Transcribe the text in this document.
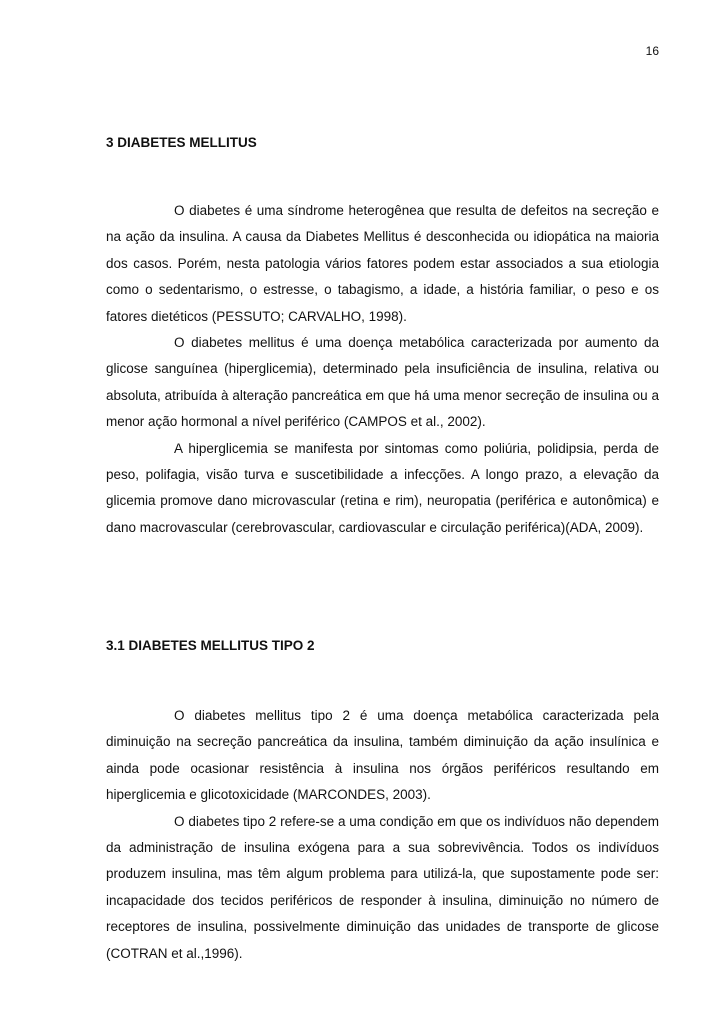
16
3 DIABETES MELLITUS

O diabetes é uma síndrome heterogênea que resulta de defeitos na secreção e na ação da insulina. A causa da Diabetes Mellitus é desconhecida ou idiopática na maioria dos casos. Porém, nesta patologia vários fatores podem estar associados a sua etiologia como o sedentarismo, o estresse, o tabagismo, a idade, a história familiar, o peso e os fatores dietéticos (PESSUTO; CARVALHO, 1998).

O diabetes mellitus é uma doença metabólica caracterizada por aumento da glicose sanguínea (hiperglicemia), determinado pela insuficiência de insulina, relativa ou absoluta, atribuída à alteração pancreática em que há uma menor secreção de insulina ou a menor ação hormonal a nível periférico (CAMPOS et al., 2002).

A hiperglicemia se manifesta por sintomas como poliúria, polidipsia, perda de peso, polifagia, visão turva e suscetibilidade a infecções. A longo prazo, a elevação da glicemia promove dano microvascular (retina e rim), neuropatia (periférica e autonômica) e dano macrovascular (cerebrovascular, cardiovascular e circulação periférica)(ADA, 2009).

3.1 DIABETES MELLITUS TIPO 2

O diabetes mellitus tipo 2 é uma doença metabólica caracterizada pela diminuição na secreção pancreática da insulina, também diminuição da ação insulínica e ainda pode ocasionar resistência à insulina nos órgãos periféricos resultando em hiperglicemia e glicotoxicidade (MARCONDES, 2003).

O diabetes tipo 2 refere-se a uma condição em que os indivíduos não dependem da administração de insulina exógena para a sua sobrevivência. Todos os indivíduos produzem insulina, mas têm algum problema para utilizá-la, que supostamente pode ser: incapacidade dos tecidos periféricos de responder à insulina, diminuição no número de receptores de insulina, possivelmente diminuição das unidades de transporte de glicose (COTRAN et al.,1996).
